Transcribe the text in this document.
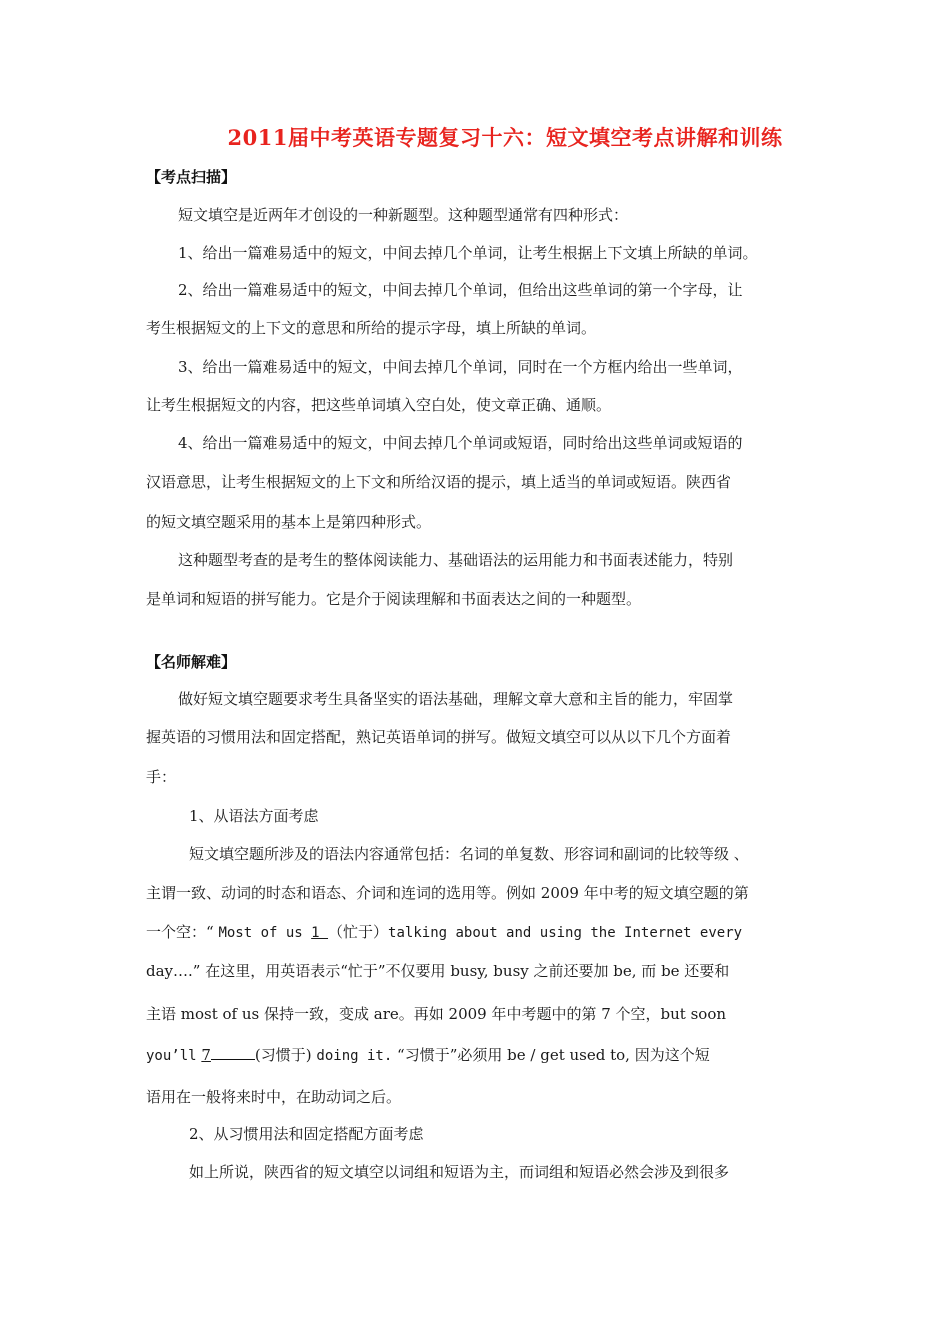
2011届中考英语专题复习十六：短文填空考点讲解和训练
【考点扫描】
短文填空是近两年才创设的一种新题型。这种题型通常有四种形式：
1、给出一篇难易适中的短文，中间去掉几个单词，让考生根据上下文填上所缺的单词。
2、给出一篇难易适中的短文，中间去掉几个单词，但给出这些单词的第一个字母，让
考生根据短文的上下文的意思和所给的提示字母，填上所缺的单词。
3、给出一篇难易适中的短文，中间去掉几个单词，同时在一个方框内给出一些单词，
让考生根据短文的内容，把这些单词填入空白处，使文章正确、通顺。
4、给出一篇难易适中的短文，中间去掉几个单词或短语，同时给出这些单词或短语的
汉语意思，让考生根据短文的上下文和所给汉语的提示，填上适当的单词或短语。陕西省
的短文填空题采用的基本上是第四种形式。
这种题型考查的是考生的整体阅读能力、基础语法的运用能力和书面表述能力，特别
是单词和短语的拼写能力。它是介于阅读理解和书面表达之间的一种题型。
【名师解难】
做好短文填空题要求考生具备坚实的语法基础，理解文章大意和主旨的能力，牢固掌
握英语的习惯用法和固定搭配，熟记英语单词的拼写。做短文填空可以从以下几个方面着
手：
1、从语法方面考虑
短文填空题所涉及的语法内容通常包括：名词的单复数、形容词和副词的比较等级 、
主谓一致、动词的时态和语态、介词和连词的选用等。例如 2009 年中考的短文填空题的第
一个空：“ Most of us 1 （忙于）talking about and using the Internet every
day….” 在这里，用英语表示“忙于”不仅要用 busy, busy 之前还要加 be, 而 be 还要和
主语 most of us 保持一致，变成 are。再如 2009 年中考题中的第 7 个空，but soon
you’ll 7	(习惯于) doing it. “习惯于”必须用 be / get used to, 因为这个短
语用在一般将来时中，在助动词之后。
2、从习惯用法和固定搭配方面考虑
如上所说，陕西省的短文填空以词组和短语为主，而词组和短语必然会涉及到很多
